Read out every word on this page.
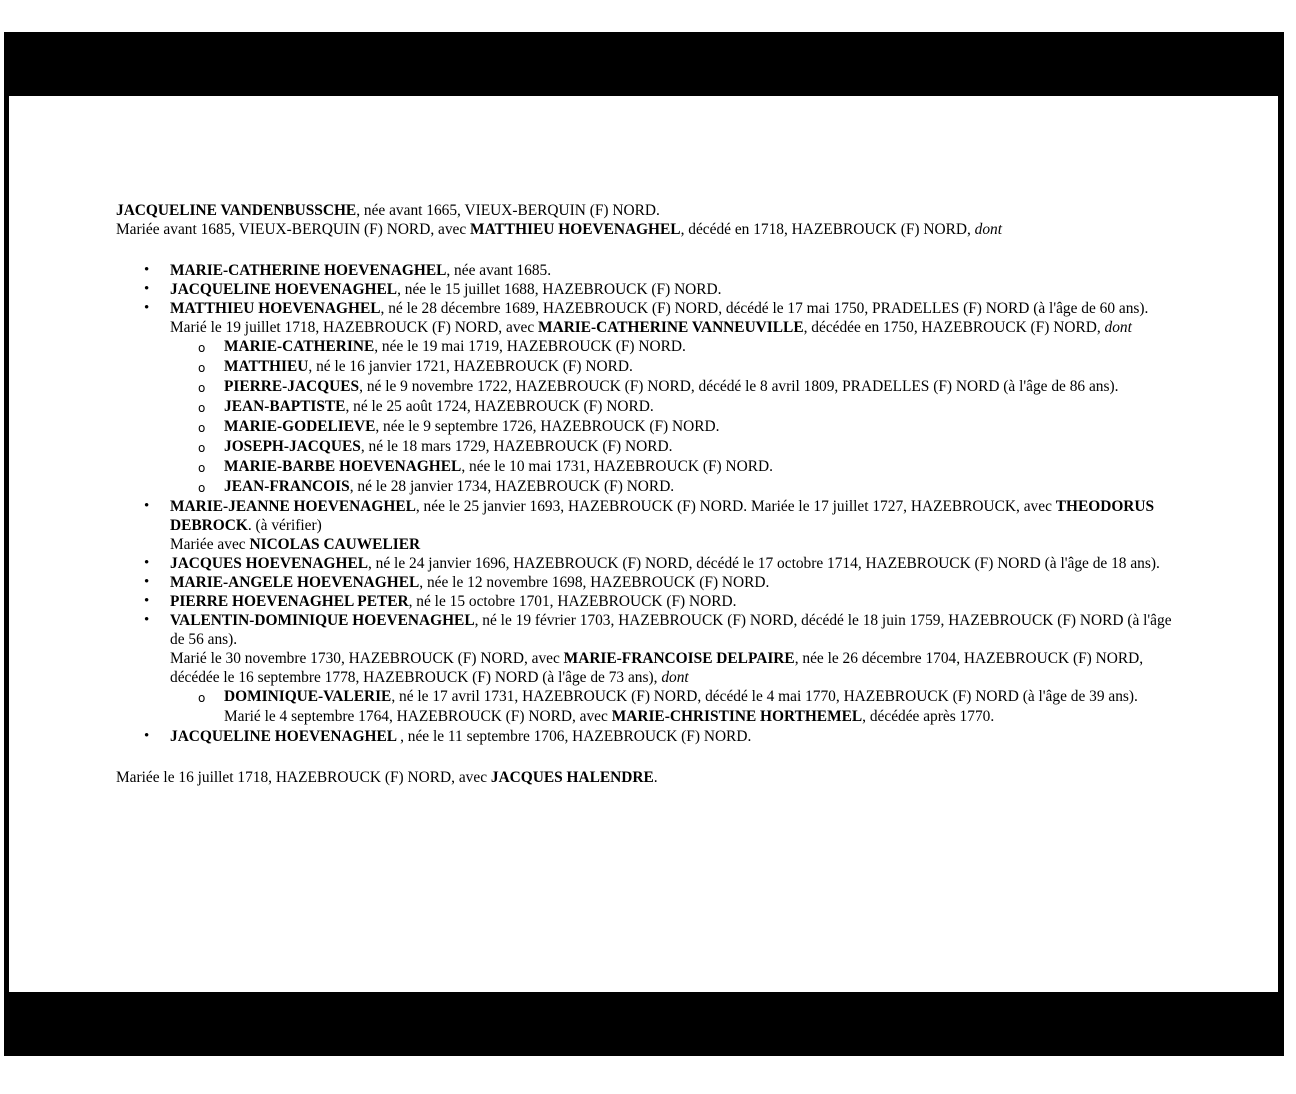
JACQUELINE VANDENBUSSCHE, née avant 1665, VIEUX-BERQUIN (F) NORD.

Mariée avant 1685, VIEUX-BERQUIN (F) NORD, avec MATTHIEU HOEVENAGHEL, décédé en 1718, HAZEBROUCK (F) NORD, dont

• MARIE-CATHERINE HOEVENAGHEL, née avant 1685.
• JACQUELINE HOEVENAGHEL, née le 15 juillet 1688, HAZEBROUCK (F) NORD.
• MATTHIEU HOEVENAGHEL, né le 28 décembre 1689, HAZEBROUCK (F) NORD, décédé le 17 mai 1750, PRADELLES (F) NORD (à l'âge de 60 ans).
Marié le 19 juillet 1718, HAZEBROUCK (F) NORD, avec MARIE-CATHERINE VANNEUVILLE, décédée en 1750, HAZEBROUCK (F) NORD, dont
o MARIE-CATHERINE, née le 19 mai 1719, HAZEBROUCK (F) NORD.
o MATTHIEU, né le 16 janvier 1721, HAZEBROUCK (F) NORD.
o PIERRE-JACQUES, né le 9 novembre 1722, HAZEBROUCK (F) NORD, décédé le 8 avril 1809, PRADELLES (F) NORD (à l'âge de 86 ans).
o JEAN-BAPTISTE, né le 25 août 1724, HAZEBROUCK (F) NORD.
o MARIE-GODELIEVE, née le 9 septembre 1726, HAZEBROUCK (F) NORD.
o JOSEPH-JACQUES, né le 18 mars 1729, HAZEBROUCK (F) NORD.
o MARIE-BARBE HOEVENAGHEL, née le 10 mai 1731, HAZEBROUCK (F) NORD.
o JEAN-FRANCOIS, né le 28 janvier 1734, HAZEBROUCK (F) NORD.
• MARIE-JEANNE HOEVENAGHEL, née le 25 janvier 1693, HAZEBROUCK (F) NORD. Mariée le 17 juillet 1727, HAZEBROUCK, avec THEODORUS DEBROCK. (à vérifier)
Mariée avec NICOLAS CAUWELIER
• JACQUES HOEVENAGHEL, né le 24 janvier 1696, HAZEBROUCK (F) NORD, décédé le 17 octobre 1714, HAZEBROUCK (F) NORD (à l'âge de 18 ans).
• MARIE-ANGELE HOEVENAGHEL, née le 12 novembre 1698, HAZEBROUCK (F) NORD.
• PIERRE HOEVENAGHEL PETER, né le 15 octobre 1701, HAZEBROUCK (F) NORD.
• VALENTIN-DOMINIQUE HOEVENAGHEL, né le 19 février 1703, HAZEBROUCK (F) NORD, décédé le 18 juin 1759, HAZEBROUCK (F) NORD (à l'âge de 56 ans).
Marié le 30 novembre 1730, HAZEBROUCK (F) NORD, avec MARIE-FRANCOISE DELPAIRE, née le 26 décembre 1704, HAZEBROUCK (F) NORD, décédée le 16 septembre 1778, HAZEBROUCK (F) NORD (à l'âge de 73 ans), dont
o DOMINIQUE-VALERIE, né le 17 avril 1731, HAZEBROUCK (F) NORD, décédé le 4 mai 1770, HAZEBROUCK (F) NORD (à l'âge de 39 ans).
Marié le 4 septembre 1764, HAZEBROUCK (F) NORD, avec MARIE-CHRISTINE HORTHEMEL, décédée après 1770.
• JACQUELINE HOEVENAGHEL , née le 11 septembre 1706, HAZEBROUCK (F) NORD.

Mariée le 16 juillet 1718, HAZEBROUCK (F) NORD, avec JACQUES HALENDRE.
